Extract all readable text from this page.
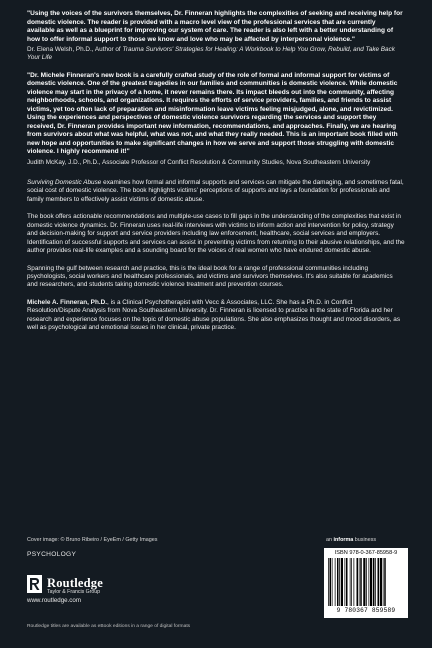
"Using the voices of the survivors themselves, Dr. Finneran highlights the complexities of seeking and receiving help for domestic violence. The reader is provided with a macro level view of the professional services that are currently available as well as a blueprint for improving our system of care. The reader is also left with a better understanding of how to offer informal support to those we know and love who may be affected by interpersonal violence."

Dr. Elena Welsh, Ph.D., Author of Trauma Survivors' Strategies for Healing: A Workbook to Help You Grow, Rebuild, and Take Back Your Life

"Dr. Michele Finneran's new book is a carefully crafted study of the role of formal and informal support for victims of domestic violence. One of the greatest tragedies in our families and communities is domestic violence. While domestic violence may start in the privacy of a home, it never remains there. Its impact bleeds out into the community, affecting neighborhoods, schools, and organizations. It requires the efforts of service providers, families, and friends to assist victims, yet too often lack of preparation and misinformation leave victims feeling misjudged, alone, and revictimized. Using the experiences and perspectives of domestic violence survivors regarding the services and support they received, Dr. Finneran provides important new information, recommendations, and approaches. Finally, we are hearing from survivors about what was helpful, what was not, and what they really needed. This is an important book filled with new hope and opportunities to make significant changes in how we serve and support those struggling with domestic violence. I highly recommend it!"

Judith McKay, J.D., Ph.D., Associate Professor of Conflict Resolution & Community Studies, Nova Southeastern University

Surviving Domestic Abuse examines how formal and informal supports and services can mitigate the damaging, and sometimes fatal, social cost of domestic violence. The book highlights victims' perceptions of supports and lays a foundation for professionals and family members to effectively assist victims of domestic abuse.

The book offers actionable recommendations and multiple-use cases to fill gaps in the understanding of the complexities that exist in domestic violence dynamics. Dr. Finneran uses real-life interviews with victims to inform action and intervention for policy, strategy and decision-making for support and service providers including law enforcement, healthcare, social services and employers. Identification of successful supports and services can assist in preventing victims from returning to their abusive relationships, and the author provides real-life examples and a sounding board for the voices of real women who have endured domestic abuse.

Spanning the gulf between research and practice, this is the ideal book for a range of professional communities including psychologists, social workers and healthcare professionals, and victims and survivors themselves. It's also suitable for academics and researchers, and students taking domestic violence treatment and prevention courses.

Michele A. Finneran, Ph.D., is a Clinical Psychotherapist with Vecc & Associates, LLC. She has a Ph.D. in Conflict Resolution/Dispute Analysis from Nova Southeastern University. Dr. Finneran is licensed to practice in the state of Florida and her research and experience focuses on the topic of domestic abuse populations. She also emphasizes thought and mood disorders, as well as psychological and emotional issues in her clinical, private practice.

Cover image: © Bruno Ribeiro / EyeEm / Getty Images
PSYCHOLOGY
Routledge
Taylor & Francis Group
www.routledge.com
an informa business
ISBN 978-0-367-85958-9
9 780367 859589
Routledge titles are available as eBook editions in a range of digital formats
